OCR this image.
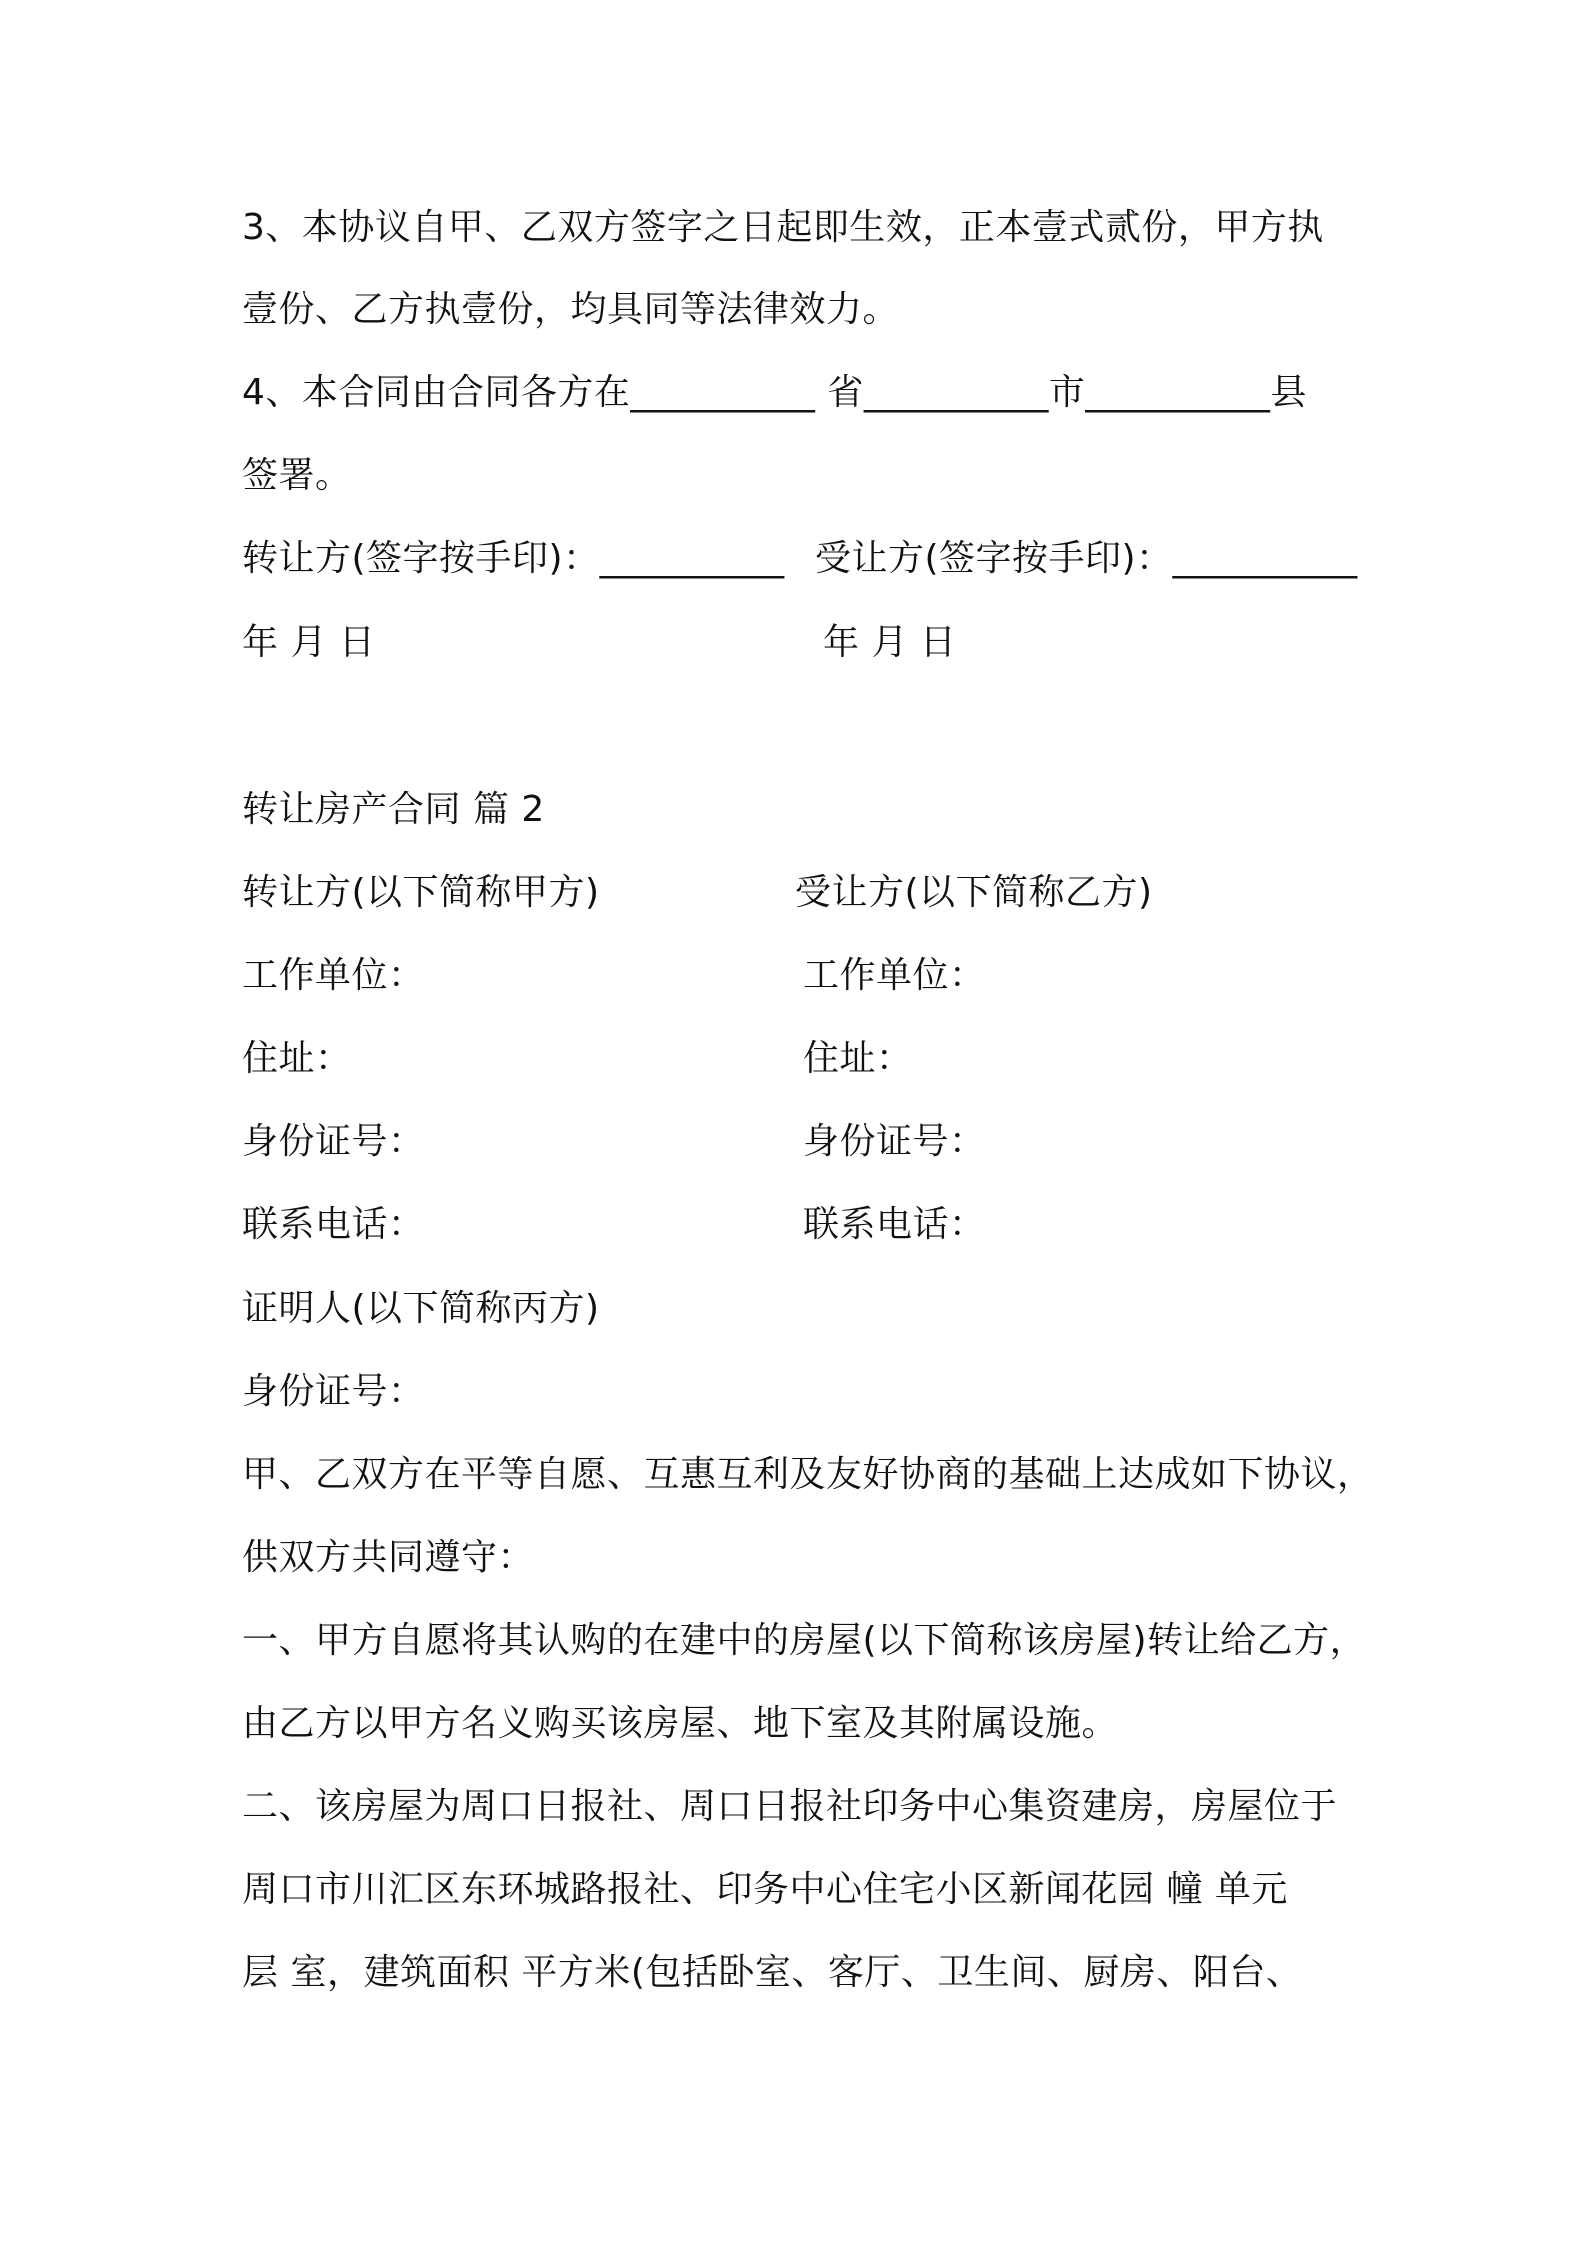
3、本协议自甲、乙双方签字之日起即生效，正本壹式贰份，甲方执
壹份、乙方执壹份，均具同等法律效力。
4、本合同由合同各方在__________ 省__________市__________县
签署。
转让方(签字按手印)：__________ 受让方(签字按手印)：__________
年 月 日	年 月 日
转让房产合同 篇 2
转让方(以下简称甲方)	受让方(以下简称乙方)
工作单位：	工作单位：
住址：	住址：
身份证号：	身份证号：
联系电话：	联系电话：
证明人(以下简称丙方)
身份证号：
甲、乙双方在平等自愿、互惠互利及友好协商的基础上达成如下协议，
供双方共同遵守：
一、甲方自愿将其认购的在建中的房屋(以下简称该房屋)转让给乙方，
由乙方以甲方名义购买该房屋、地下室及其附属设施。
二、该房屋为周口日报社、周口日报社印务中心集资建房，房屋位于
周口市川汇区东环城路报社、印务中心住宅小区新闻花园 幢 单元
层 室，建筑面积 平方米(包括卧室、客厅、卫生间、厨房、阳台、
